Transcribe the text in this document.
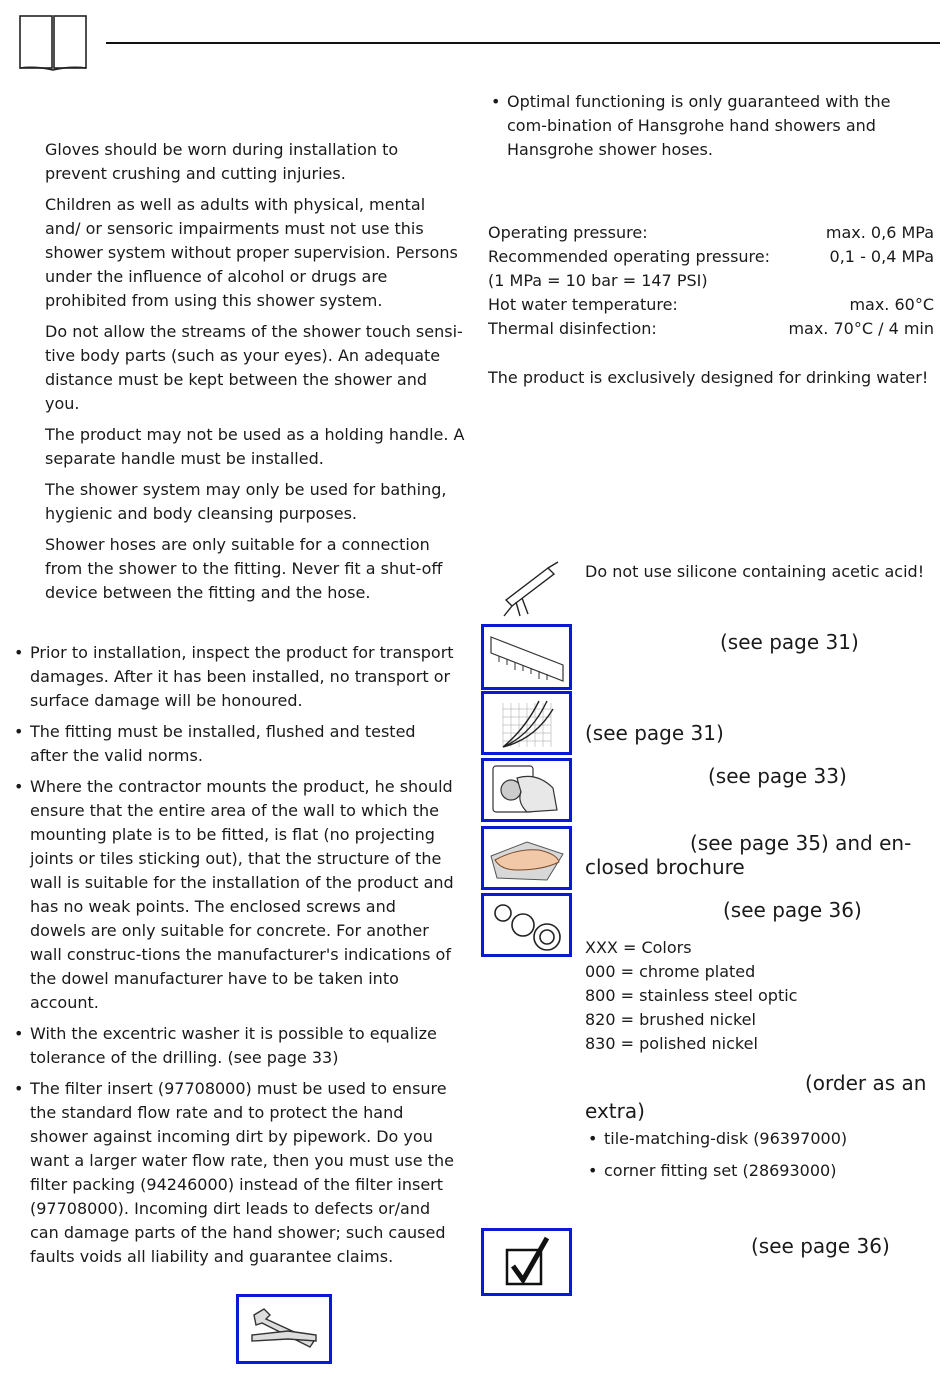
Gloves should be worn during installation to prevent crushing and cutting injuries.

Children as well as adults with physical, mental and/ or sensoric impairments must not use this shower system without proper supervision. Persons under the influence of alcohol or drugs are prohibited from using this shower system.

Do not allow the streams of the shower touch sensi-tive body parts (such as your eyes). An adequate distance must be kept between the shower and you.

The product may not be used as a holding handle. A separate handle must be installed.

The shower system may only be used for bathing, hygienic and body cleansing purposes.

Shower hoses are only suitable for a connection from the shower to the fitting. Never fit a shut-off device between the fitting and the hose.

• Prior to installation, inspect the product for transport damages. After it has been installed, no transport or surface damage will be honoured.
• The fitting must be installed, flushed and tested after the valid norms.
• Where the contractor mounts the product, he should ensure that the entire area of the wall to which the mounting plate is to be fitted, is flat (no projecting joints or tiles sticking out), that the structure of the wall is suitable for the installation of the product and has no weak points. The enclosed screws and dowels are only suitable for concrete. For another wall construc-tions the manufacturer's indications of the dowel manufacturer have to be taken into account.
• With the excentric washer it is possible to equalize tolerance of the drilling. (see page 33)
• The filter insert (97708000) must be used to ensure the standard flow rate and to protect the hand shower against incoming dirt by pipework. Do you want a larger water flow rate, then you must use the filter packing (94246000) instead of the filter insert (97708000). Incoming dirt leads to defects or/and can damage parts of the hand shower; such caused faults voids all liability and guarantee claims.
• Optimal functioning is only guaranteed with the com-bination of Hansgrohe hand showers and Hansgrohe shower hoses.
Operating pressure:	max. 0,6 MPa
Recommended operating pressure:	0,1 - 0,4 MPa
(1 MPa = 10 bar = 147 PSI)
Hot water temperature:	max. 60°C
Thermal disinfection:	max. 70°C / 4 min
The product is exclusively designed for drinking water!
Do not use silicone containing acetic acid!
(see page 31)
(see page 31)
(see page 33)
(see page 35) and en-
closed brochure
(see page 36)
XXX = Colors
000 = chrome plated
800 = stainless steel optic
820 = brushed nickel
830 = polished nickel
(order as an
extra)
• tile-matching-disk (96397000)
• corner fitting set (28693000)
(see page 36)
